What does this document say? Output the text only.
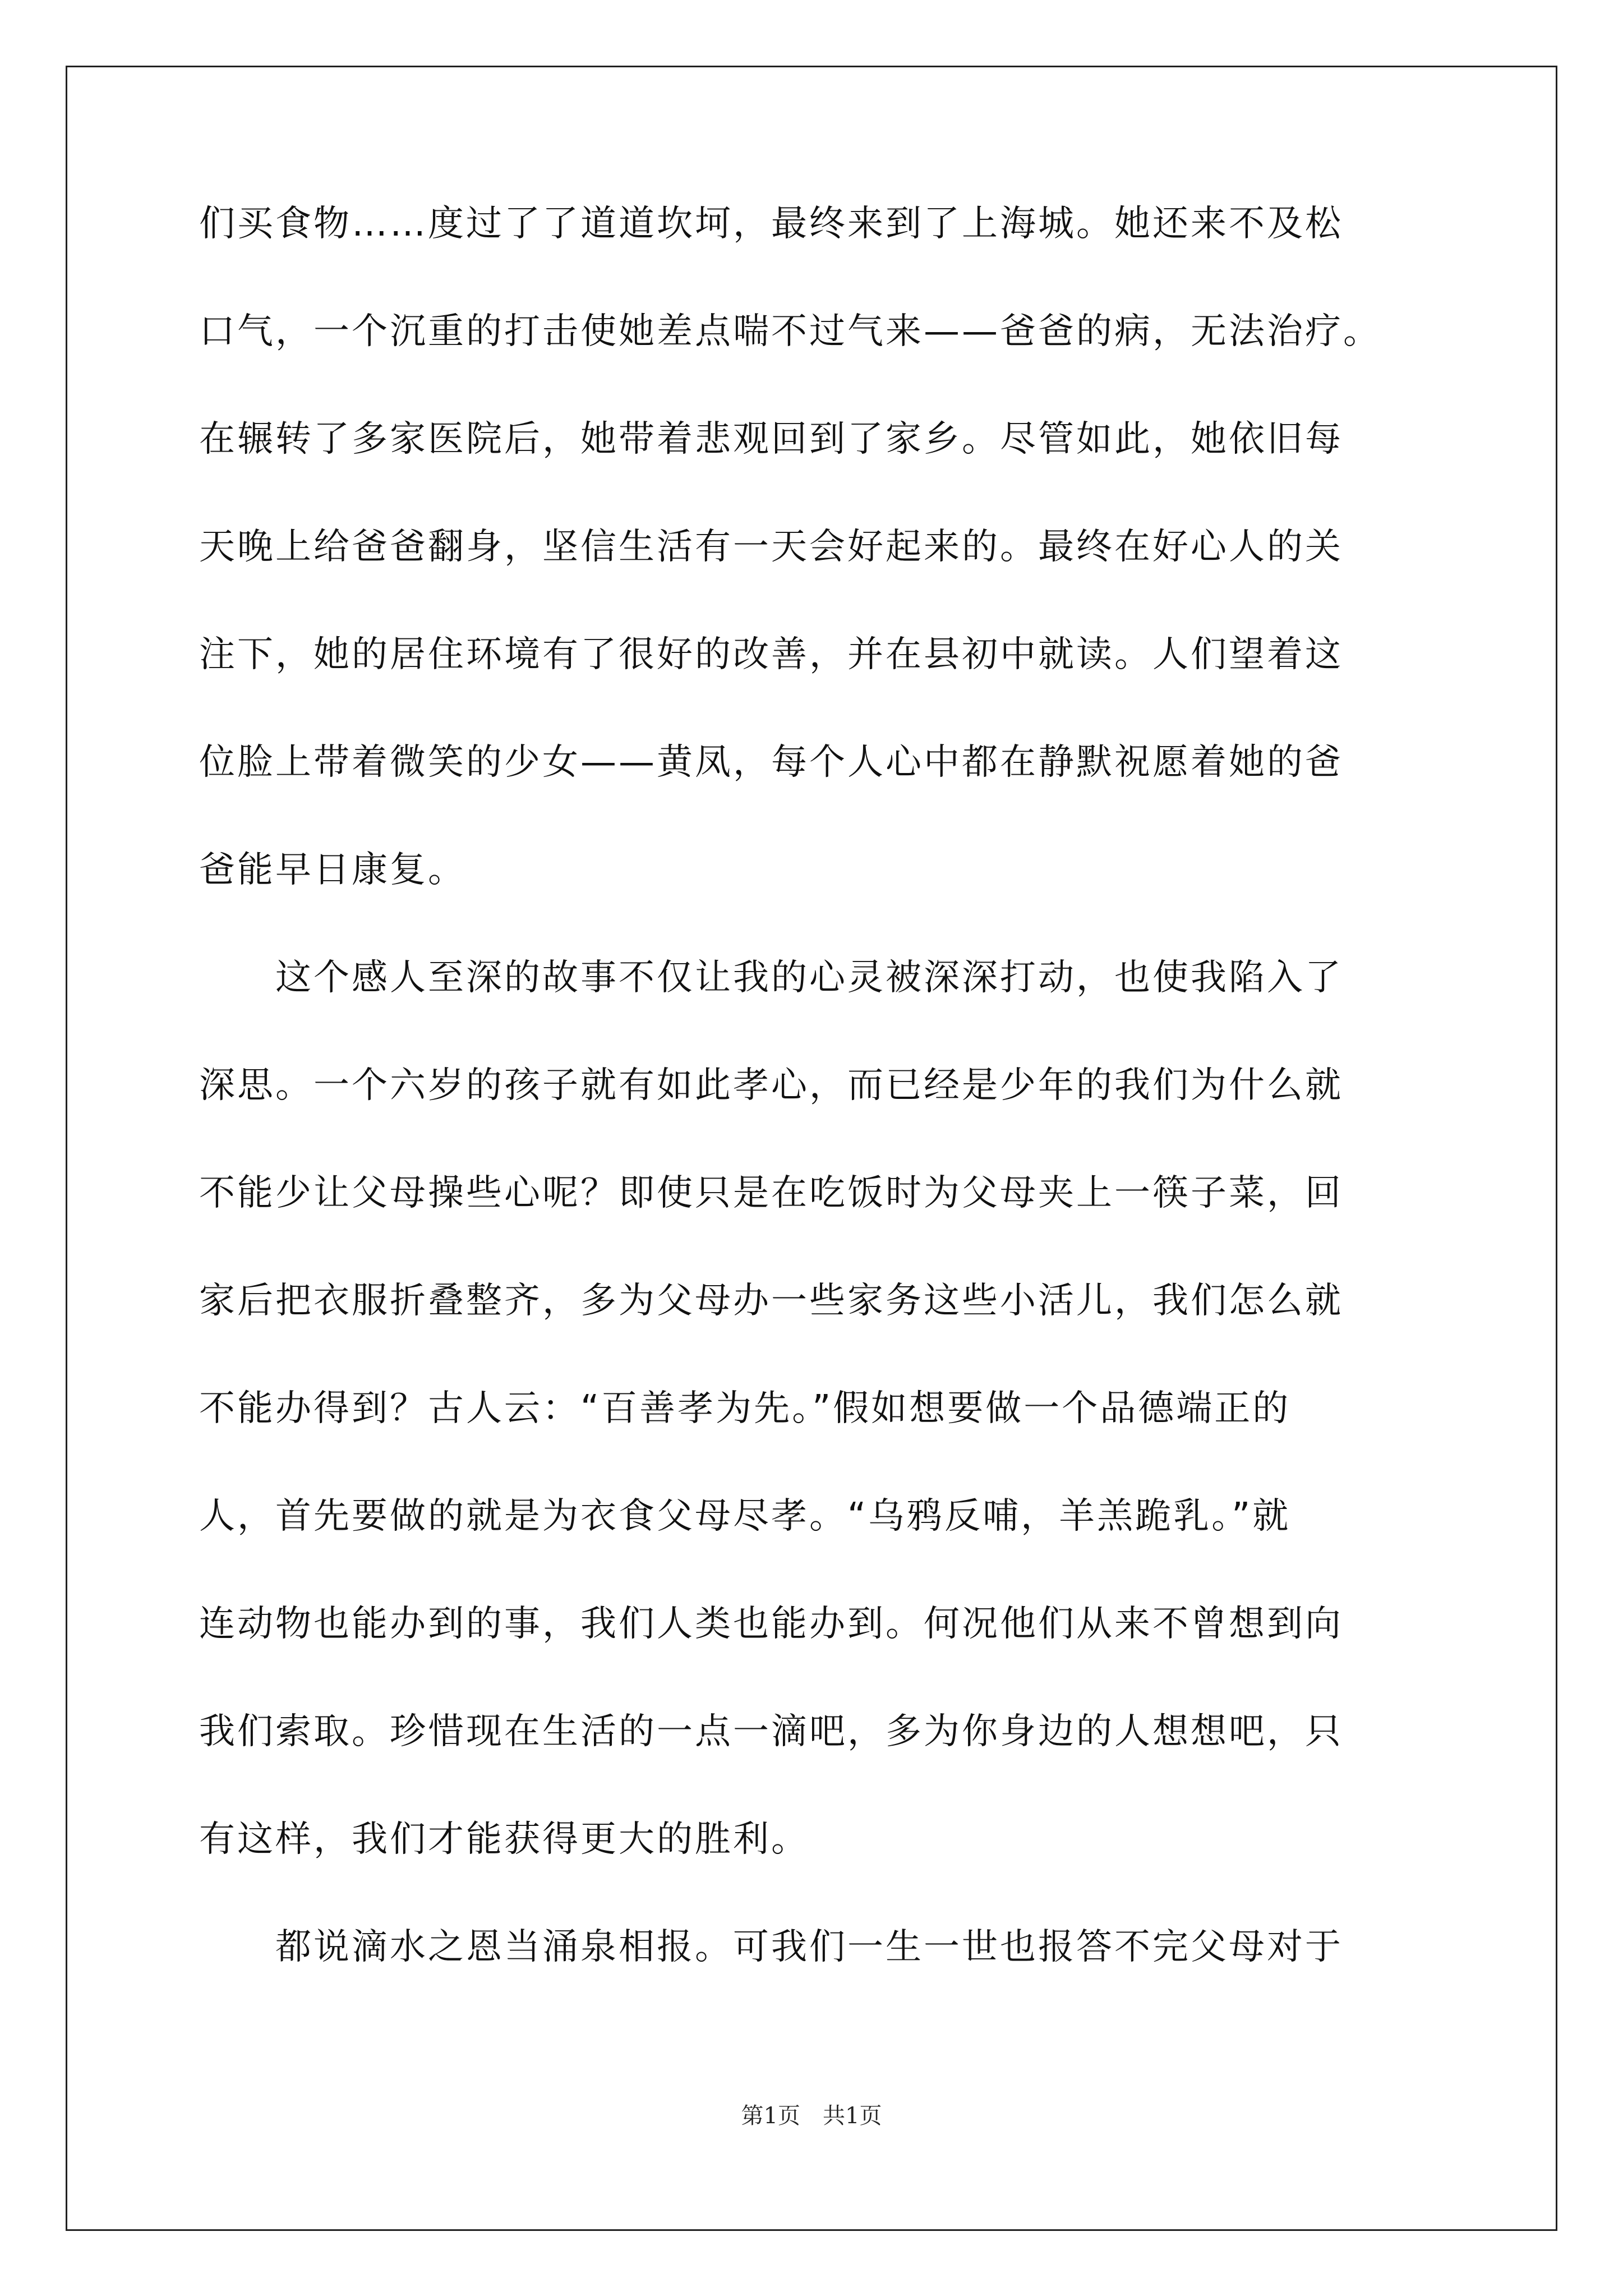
们买食物……度过了了道道坎坷，最终来到了上海城。她还来不及松
口气，一个沉重的打击使她差点喘不过气来——爸爸的病，无法治疗。
在辗转了多家医院后，她带着悲观回到了家乡。尽管如此，她依旧每
天晚上给爸爸翻身，坚信生活有一天会好起来的。最终在好心人的关
注下，她的居住环境有了很好的改善，并在县初中就读。人们望着这
位脸上带着微笑的少女——黄凤，每个人心中都在静默祝愿着她的爸
爸能早日康复。
　　这个感人至深的故事不仅让我的心灵被深深打动，也使我陷入了
深思。一个六岁的孩子就有如此孝心，而已经是少年的我们为什么就
不能少让父母操些心呢？即使只是在吃饭时为父母夹上一筷子菜，回
家后把衣服折叠整齐，多为父母办一些家务这些小活儿，我们怎么就
不能办得到？古人云：“百善孝为先。”假如想要做一个品德端正的
人，首先要做的就是为衣食父母尽孝。“乌鸦反哺，羊羔跪乳。”就
连动物也能办到的事，我们人类也能办到。何况他们从来不曾想到向
我们索取。珍惜现在生活的一点一滴吧，多为你身边的人想想吧，只
有这样，我们才能获得更大的胜利。
　　都说滴水之恩当涌泉相报。可我们一生一世也报答不完父母对于
第1页　共1页
